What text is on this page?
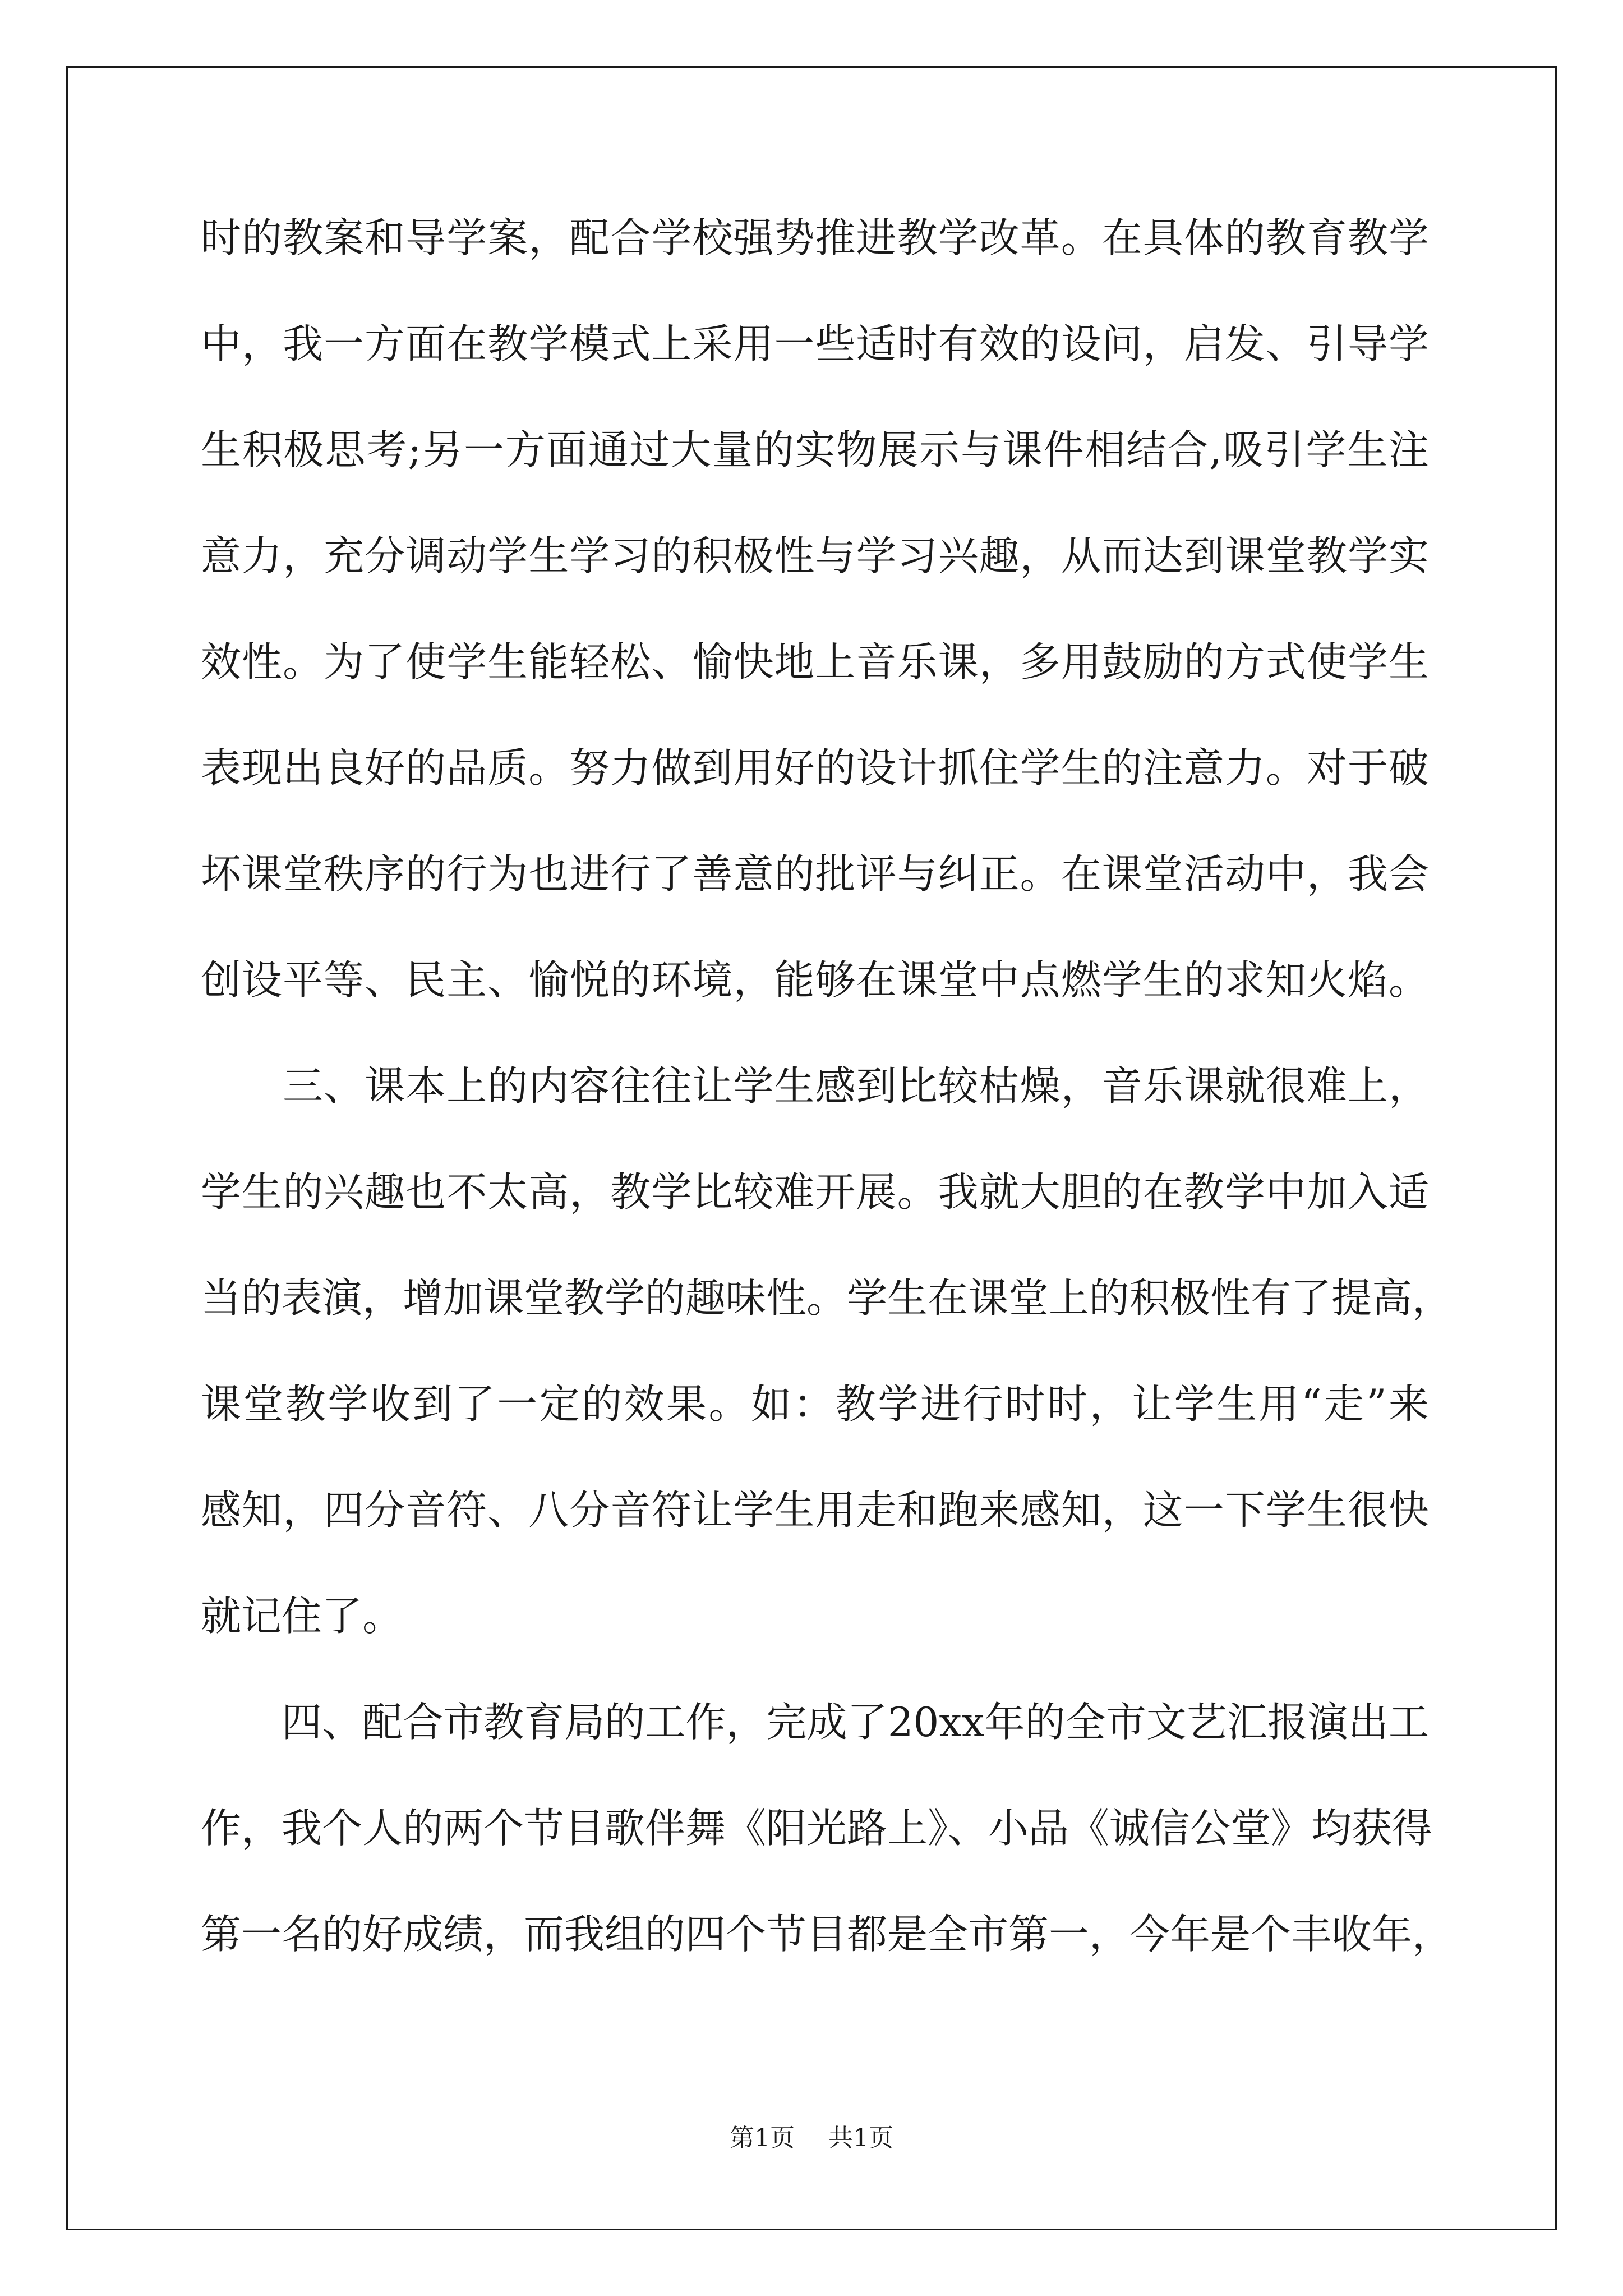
时的教案和导学案，配合学校强势推进教学改革。在具体的教育教学
中，我一方面在教学模式上采用一些适时有效的设问，启发、引导学
生积极思考;另一方面通过大量的实物展示与课件相结合,吸引学生注
意力，充分调动学生学习的积极性与学习兴趣，从而达到课堂教学实
效性。为了使学生能轻松、愉快地上音乐课，多用鼓励的方式使学生
表现出良好的品质。努力做到用好的设计抓住学生的注意力。对于破
坏课堂秩序的行为也进行了善意的批评与纠正。在课堂活动中，我会
创设平等、民主、愉悦的环境，能够在课堂中点燃学生的求知火焰。
　　三、课本上的内容往往让学生感到比较枯燥，音乐课就很难上，
学生的兴趣也不太高，教学比较难开展。我就大胆的在教学中加入适
当的表演，增加课堂教学的趣味性。学生在课堂上的积极性有了提高，
课堂教学收到了一定的效果。如：教学进行时时，让学生用“走”来
感知，四分音符、八分音符让学生用走和跑来感知，这一下学生很快
就记住了。
　　四、配合市教育局的工作，完成了20xx年的全市文艺汇报演出工
作，我个人的两个节目歌伴舞《阳光路上》、小品《诚信公堂》均获得
第一名的好成绩，而我组的四个节目都是全市第一，今年是个丰收年，
第1页 共1页
